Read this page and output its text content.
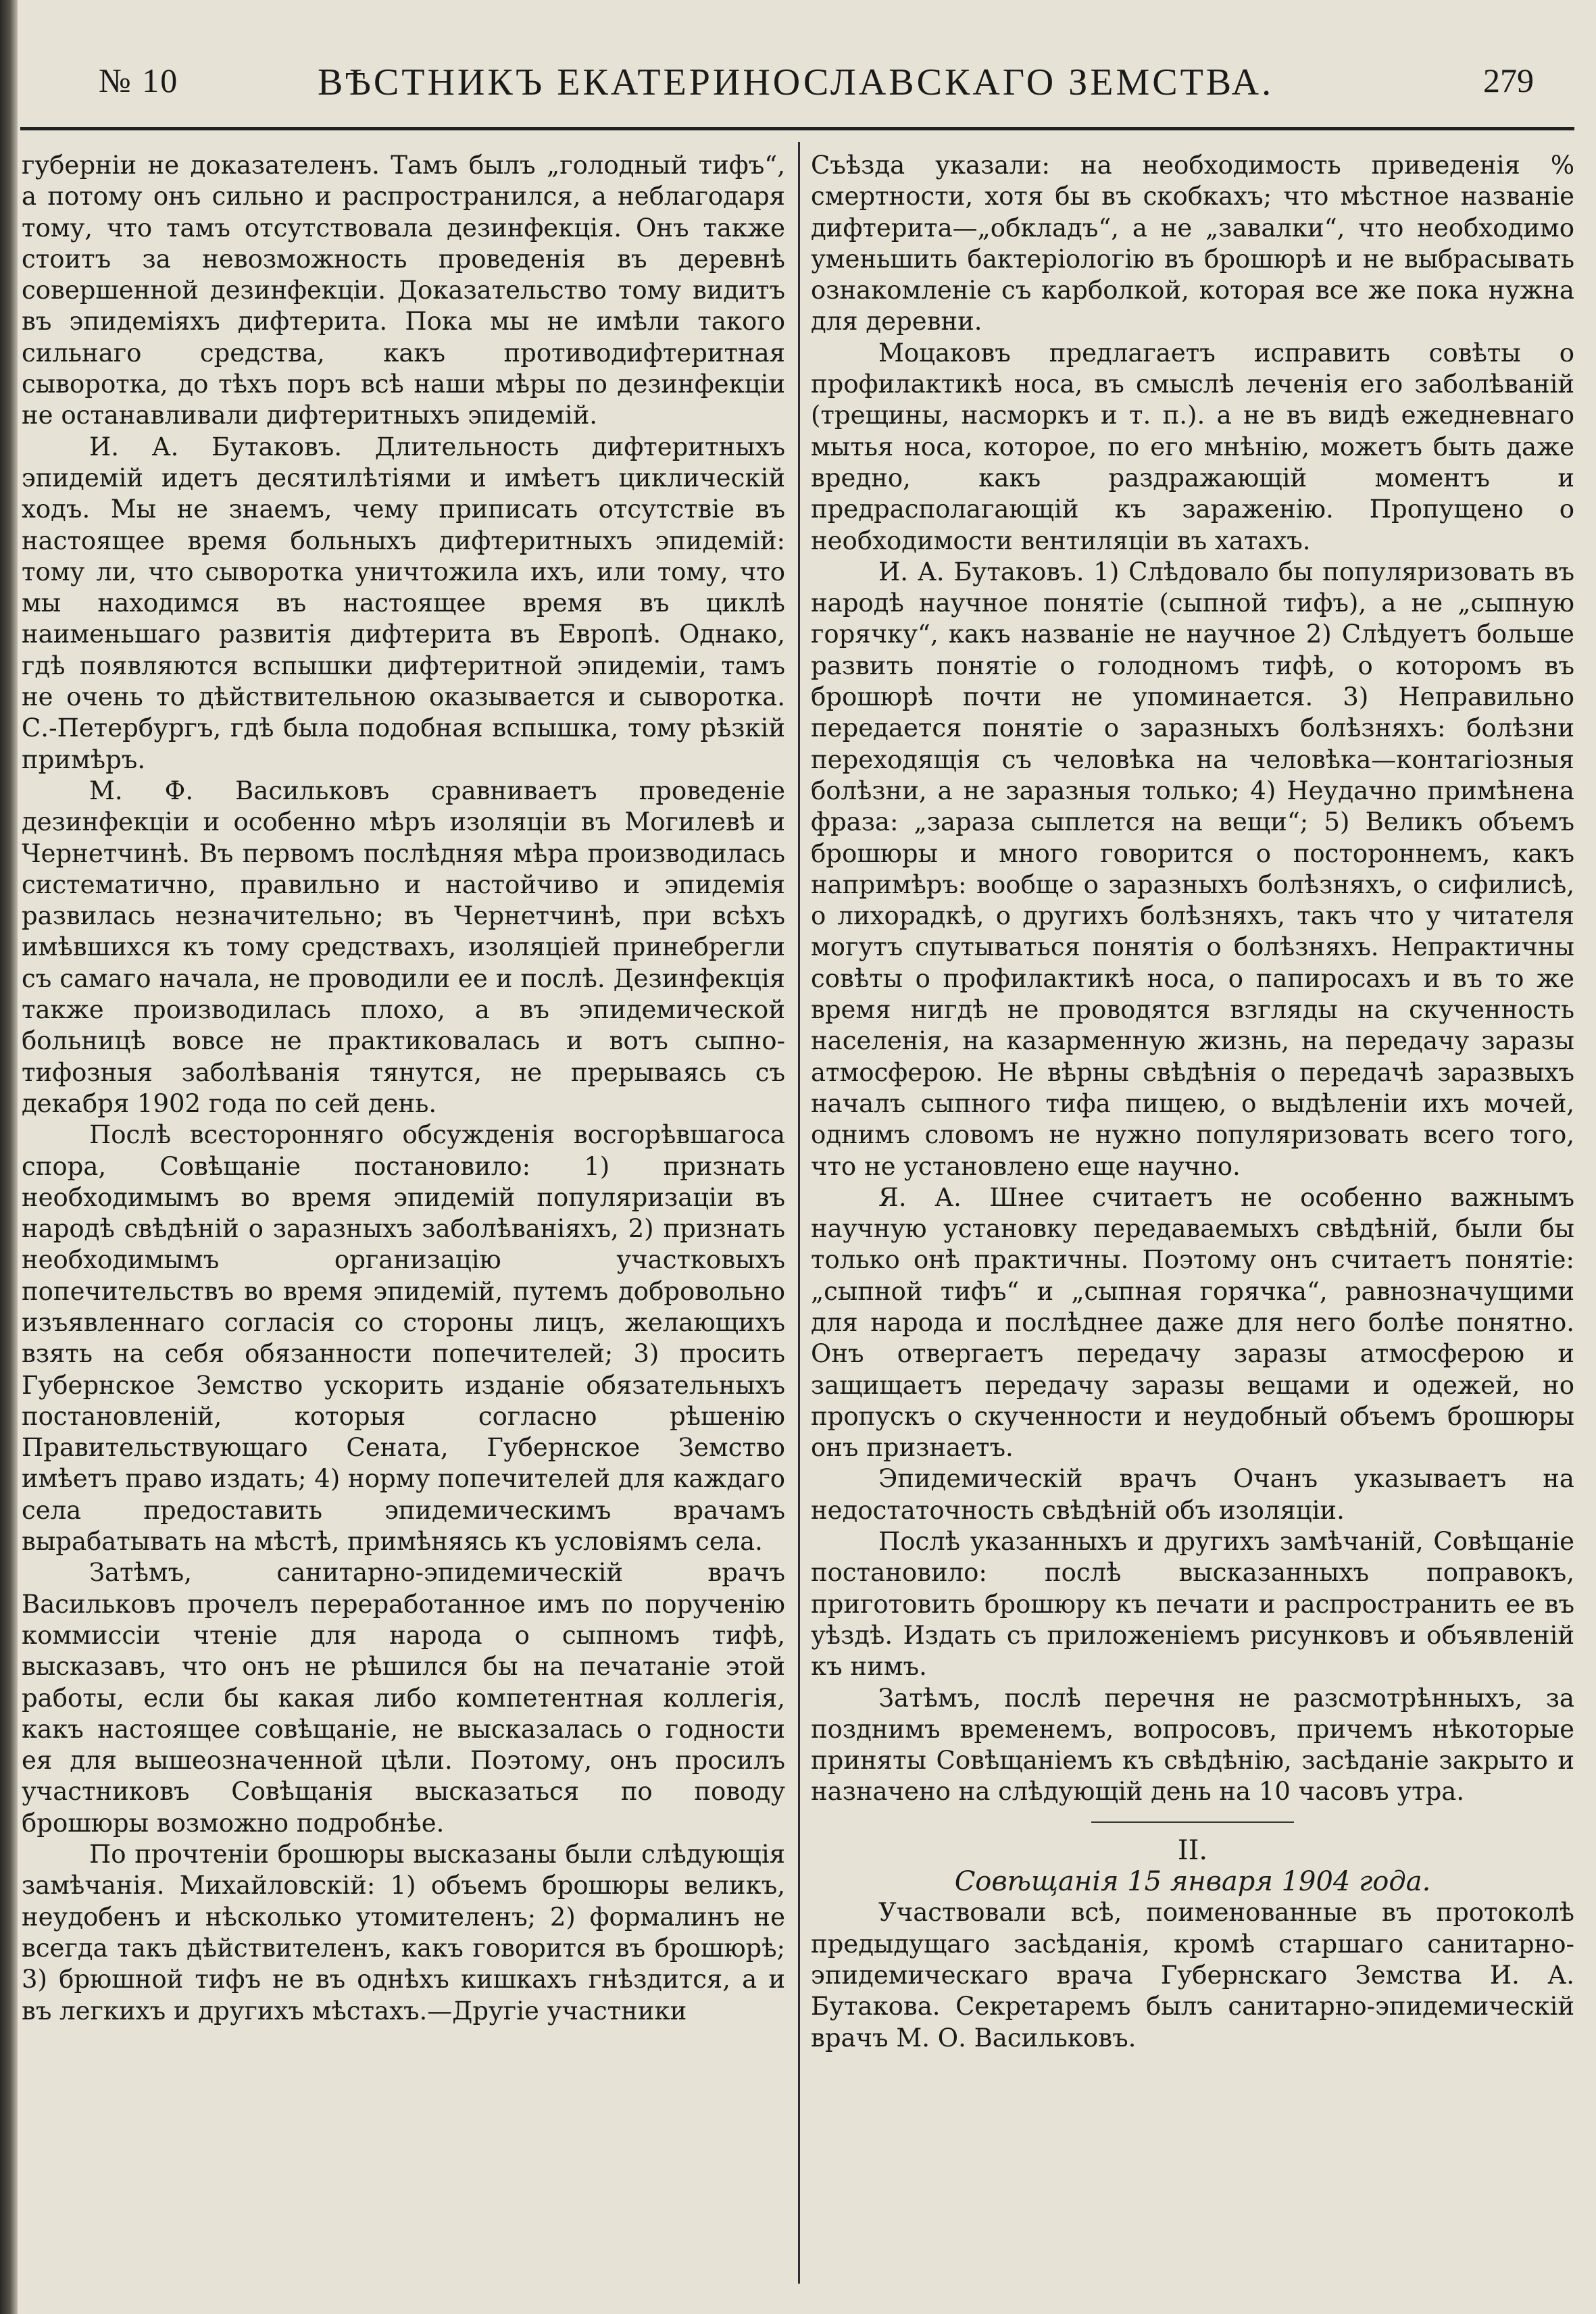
№ 10	ВѢСТНИКЪ ЕКАТЕРИНОСЛАВСКАГО ЗЕМСТВА.	279

губерніи не доказателенъ. Тамъ былъ „голодный тифъ“, а потому онъ сильно и распространился, а неблагодаря тому, что тамъ отсутствовала дезинфекція. Онъ также стоитъ за невозможность проведенія въ деревнѣ совершенной дезинфекціи. Доказательство тому видитъ въ эпидеміяхъ дифтерита. Пока мы не имѣли такого сильнаго средства, какъ противодифтеритная сыворотка, до тѣхъ поръ всѣ наши мѣры по дезинфекціи не останавливали дифтеритныхъ эпидемій.

И. А. Бутаковъ. Длительность дифтеритныхъ эпидемій идетъ десятилѣтіями и имѣетъ циклическій ходъ. Мы не знаемъ, чему приписать отсутствіе въ настоящее время больныхъ дифтеритныхъ эпидемій: тому ли, что сыворотка уничтожила ихъ, или тому, что мы находимся въ настоящее время въ циклѣ наименьшаго развитія дифтерита въ Европѣ. Однако, гдѣ появляются вспышки дифтеритной эпидеміи, тамъ не очень то дѣйствительною оказывается и сыворотка. С.-Петербургъ, гдѣ была подобная вспышка, тому рѣзкій примѣръ.

М. Ф. Васильковъ сравниваетъ проведеніе дезинфекціи и особенно мѣръ изоляціи въ Могилевѣ и Чернетчинѣ. Въ первомъ послѣдняя мѣра производилась систематично, правильно и настойчиво и эпидемія развилась незначительно; въ Чернетчинѣ, при всѣхъ имѣвшихся къ тому средствахъ, изоляціей принебрегли съ самаго начала, не проводили ее и послѣ. Дезинфекція также производилась плохо, а въ эпидемической больницѣ вовсе не практиковалась и вотъ сыпно-тифозныя заболѣванія тянутся, не прерываясь съ декабря 1902 года по сей день.

Послѣ всесторонняго обсужденія восгорѣвшагоса спора, Совѣщаніе постановило: 1) признать необходимымъ во время эпидемій популяризаціи въ народѣ свѣдѣній о заразныхъ заболѣваніяхъ, 2) признать необходимымъ организацію участковыхъ попечительствъ во время эпидемій, путемъ добровольно изъявленнаго согласія со стороны лицъ, желающихъ взять на себя обязанности попечителей; 3) просить Губернское Земство ускорить изданіе обязательныхъ постановленій, которыя согласно рѣшенію Правительствующаго Сената, Губернское Земство имѣетъ право издать; 4) норму попечителей для каждаго села предоставить эпидемическимъ врачамъ вырабатывать на мѣстѣ, примѣняясь къ условіямъ села.

Затѣмъ, санитарно-эпидемическій врачъ Васильковъ прочелъ переработанное имъ по порученію коммиссіи чтеніе для народа о сыпномъ тифѣ, высказавъ, что онъ не рѣшился бы на печатаніе этой работы, если бы какая либо компетентная коллегія, какъ настоящее совѣщаніе, не высказалась о годности ея для вышеозначенной цѣли. Поэтому, онъ просилъ участниковъ Совѣщанія высказаться по поводу брошюры возможно подробнѣе.

По прочтеніи брошюры высказаны были слѣдующія замѣчанія. Михайловскій: 1) объемъ брошюры великъ, неудобенъ и нѣсколько утомителенъ; 2) формалинъ не всегда такъ дѣйствителенъ, какъ говорится въ брошюрѣ; 3) брюшной тифъ не въ однѣхъ кишкахъ гнѣздится, а и въ легкихъ и другихъ мѣстахъ.—Другіе участники

Съѣзда указали: на необходимость приведенія % смертности, хотя бы въ скобкахъ; что мѣстное названіе дифтерита—„обкладъ“, а не „завалки“, что необходимо уменьшить бактеріологію въ брошюрѣ и не выбрасывать ознакомленіе съ карболкой, которая все же пока нужна для деревни.

Моцаковъ предлагаетъ исправить совѣты о профилактикѣ носа, въ смыслѣ леченія его заболѣваній (трещины, насморкъ и т. п.). а не въ видѣ ежедневнаго мытья носа, которое, по его мнѣнію, можетъ быть даже вредно, какъ раздражающій моментъ и предрасполагающій къ зараженію. Пропущено о необходимости вентиляціи въ хатахъ.

И. А. Бутаковъ. 1) Слѣдовало бы популяризовать въ народѣ научное понятіе (сыпной тифъ), а не „сыпную горячку“, какъ названіе не научное 2) Слѣдуетъ больше развить понятіе о голодномъ тифѣ, о которомъ въ брошюрѣ почти не упоминается. 3) Неправильно передается понятіе о заразныхъ болѣзняхъ: болѣзни переходящія съ человѣка на человѣка—контагіозныя болѣзни, а не заразныя только; 4) Неудачно примѣнена фраза: „зараза сыплется на вещи“; 5) Великъ объемъ брошюры и много говорится о постороннемъ, какъ напримѣръ: вообще о заразныхъ болѣзняхъ, о сифилисѣ, о лихорадкѣ, о другихъ болѣзняхъ, такъ что у читателя могутъ спутываться понятія о болѣзняхъ. Непрактичны совѣты о профилактикѣ носа, о папиросахъ и въ то же время нигдѣ не проводятся взгляды на скученность населенія, на казарменную жизнь, на передачу заразы атмосферою. Не вѣрны свѣдѣнія о передачѣ заразвыхъ началъ сыпного тифа пищею, о выдѣленіи ихъ мочей, однимъ словомъ не нужно популяризовать всего того, что не установлено еще научно.

Я. А. Шнее считаетъ не особенно важнымъ научную установку передаваемыхъ свѣдѣній, были бы только онѣ практичны. Поэтому онъ считаетъ понятіе: „сыпной тифъ“ и „сыпная горячка“, равнозначущими для народа и послѣднее даже для него болѣе понятно. Онъ отвергаетъ передачу заразы атмосферою и защищаетъ передачу заразы вещами и одежей, но пропускъ о скученности и неудобный объемъ брошюры онъ признаетъ.

Эпидемическій врачъ Очанъ указываетъ на недостаточность свѣдѣній объ изоляціи.

Послѣ указанныхъ и другихъ замѣчаній, Совѣщаніе постановило: послѣ высказанныхъ поправокъ, приготовить брошюру къ печати и распространить ее въ уѣздѣ. Издать съ приложеніемъ рисунковъ и объявленій къ нимъ.

Затѣмъ, послѣ перечня не разсмотрѣнныхъ, за позднимъ временемъ, вопросовъ, причемъ нѣкоторые приняты Совѣщаніемъ къ свѣдѣнію, засѣданіе закрыто и назначено на слѣдующій день на 10 часовъ утра.

II.

Совѣщанія 15 января 1904 года.

Участвовали всѣ, поименованные въ протоколѣ предыдущаго засѣданія, кромѣ старшаго санитарно-эпидемическаго врача Губернскаго Земства И. А. Бутакова. Секретаремъ былъ санитарно-эпидемическій врачъ М. О. Васильковъ.
